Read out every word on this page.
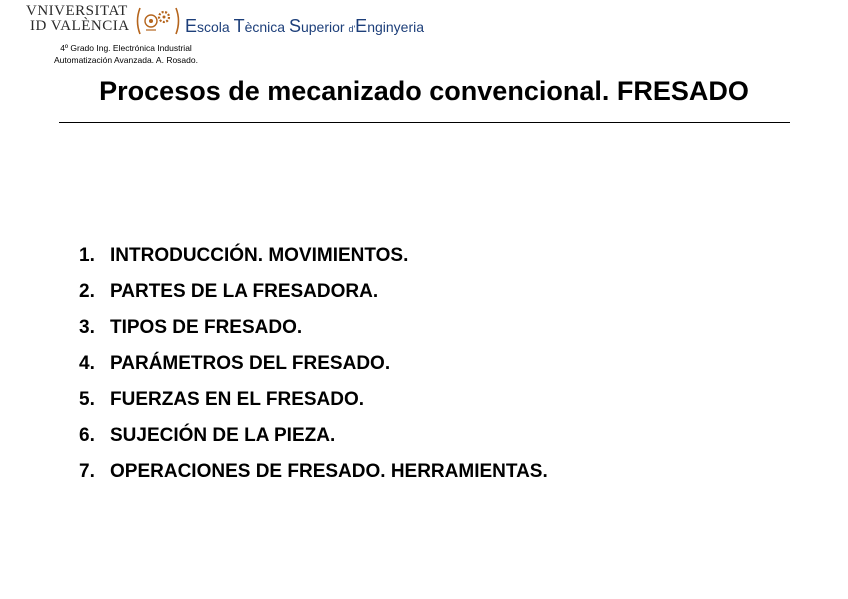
VNIVERSITAT
ID VALÈNCIA	Escola Tècnica Superior d'Enginyeria
4º Grado Ing. Electrónica Industrial
Automatización Avanzada. A. Rosado.
Procesos de mecanizado convencional. FRESADO
1. INTRODUCCIÓN. MOVIMIENTOS.
2. PARTES DE LA FRESADORA.
3. TIPOS DE FRESADO.
4. PARÁMETROS DEL FRESADO.
5. FUERZAS EN EL FRESADO.
6. SUJECIÓN DE LA PIEZA.
7. OPERACIONES DE FRESADO. HERRAMIENTAS.
